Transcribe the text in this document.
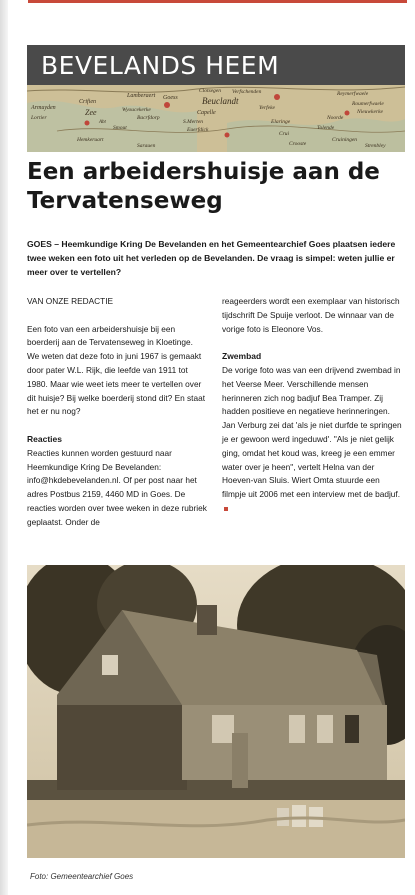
Crifien
Lamberaert Goess
Clotsegen Verfschenden
Beuclandt
Armuyden	Zee	Wyoucekerke	Capelle
Yerfeke
Reymerfwaele
Lortier
Abt
Bacrfdorp
S.Merten
Smout	Euerfdick
Crui
Hemkeruart
Sarauen
Elaringe
Noorde
Roumerfwaele
Tolende
Cruiningen
Nieuwkerke
Crooste	Strenbley
BEVELANDS HEEM
Een arbeidershuisje aan de Tervatenseweg
GOES – Heemkundige Kring De Bevelanden en het Gemeentearchief Goes plaatsen iedere twee weken een foto uit het verleden op de Bevelanden. De vraag is simpel: weten jullie er meer over te vertellen?

VAN ONZE REDACTIE

Een foto van een arbeidershuisje bij een boerderij aan de Tervatenseweg in Kloetinge. We weten dat deze foto in juni 1967 is gemaakt door pater W.L. Rijk, die leefde van 1911 tot 1980. Maar wie weet iets meer te vertellen over dit huisje? Bij welke boerderij stond dit? En staat het er nu nog?

Reacties

Reacties kunnen worden gestuurd naar Heemkundige Kring De Bevelanden: info@hkdebevelanden.nl. Of per post naar het adres Postbus 2159, 4460 MD in Goes. De reacties worden over twee weken in deze rubriek geplaatst. Onder de

reageerders wordt een exemplaar van historisch tijdschrift De Spuije verloot. De winnaar van de vorige foto is Eleonore Vos.

Zwembad

De vorige foto was van een drijvend zwembad in het Veerse Meer. Verschillende mensen herinneren zich nog badjuf Bea Tramper. Zij hadden positieve en negatieve herinneringen. Jan Verburg zei dat 'als je niet durfde te springen je er gewoon werd ingeduwd'. "Als je niet gelijk ging, omdat het koud was, kreeg je een emmer water over je heen", vertelt Helna van der Hoeven-van Sluis. Wiert Omta stuurde een filmpje uit 2006 met een interview met de badjuf.

Foto: Gemeentearchief Goes
